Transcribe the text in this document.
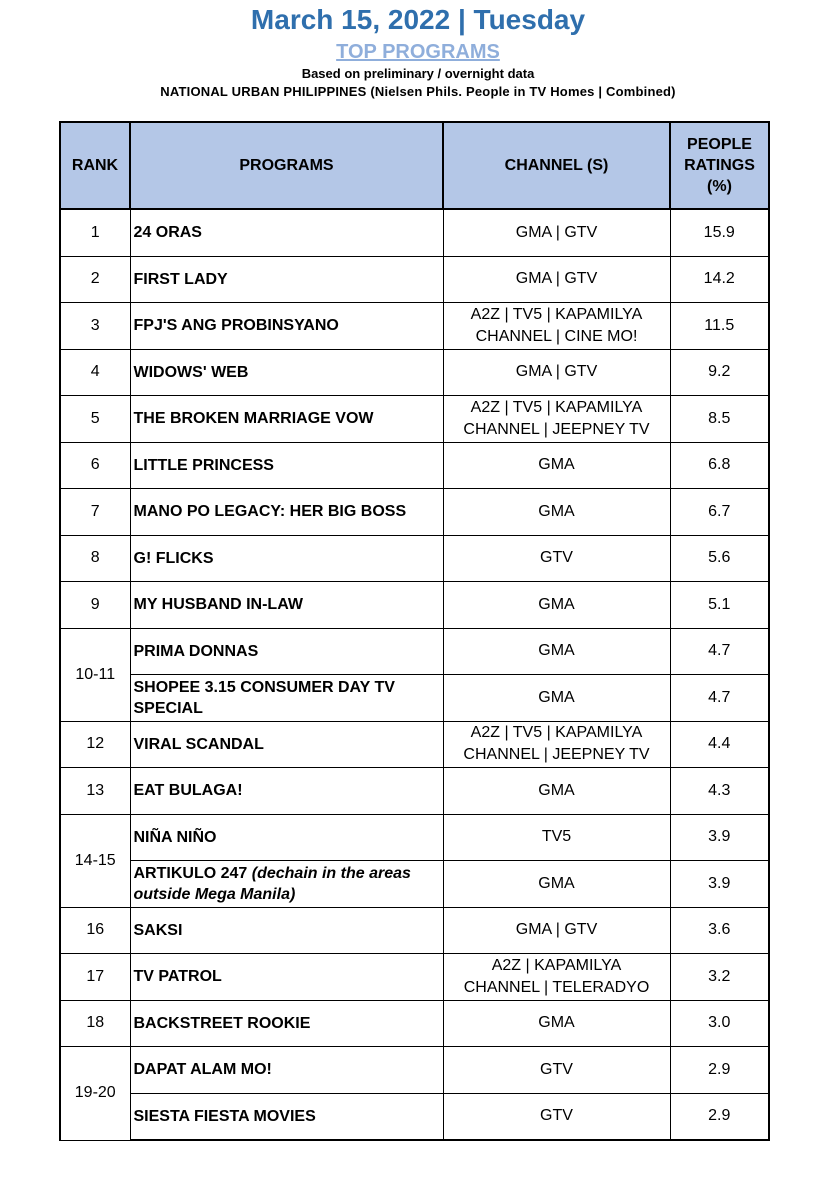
March 15, 2022 | Tuesday
TOP PROGRAMS
Based on preliminary / overnight data
NATIONAL URBAN PHILIPPINES (Nielsen Phils. People in TV Homes | Combined)
RANK	PROGRAMS	CHANNEL (S)	PEOPLE
RATINGS
(%)
1	24 ORAS	GMA | GTV	15.9
2	FIRST LADY	GMA | GTV	14.2
3	FPJ'S ANG PROBINSYANO	A2Z | TV5 | KAPAMILYA
CHANNEL | CINE MO!	11.5
4	WIDOWS' WEB	GMA | GTV	9.2
5	THE BROKEN MARRIAGE VOW	A2Z | TV5 | KAPAMILYA
CHANNEL | JEEPNEY TV	8.5
6	LITTLE PRINCESS	GMA	6.8
7	MANO PO LEGACY: HER BIG BOSS	GMA	6.7
8	G! FLICKS	GTV	5.6
9	MY HUSBAND IN-LAW	GMA	5.1
10-11	PRIMA DONNAS	GMA	4.7
	SHOPEE 3.15 CONSUMER DAY TV SPECIAL	GMA	4.7
12	VIRAL SCANDAL	A2Z | TV5 | KAPAMILYA
CHANNEL | JEEPNEY TV	4.4
13	EAT BULAGA!	GMA	4.3
14-15	NIÑA NIÑO	TV5	3.9
	ARTIKULO 247 (dechain in the areas outside Mega Manila)	GMA	3.9
16	SAKSI	GMA | GTV	3.6
17	TV PATROL	A2Z | KAPAMILYA
CHANNEL | TELERADYO	3.2
18	BACKSTREET ROOKIE	GMA	3.0
19-20	DAPAT ALAM MO!	GTV	2.9
	SIESTA FIESTA MOVIES	GTV	2.9
